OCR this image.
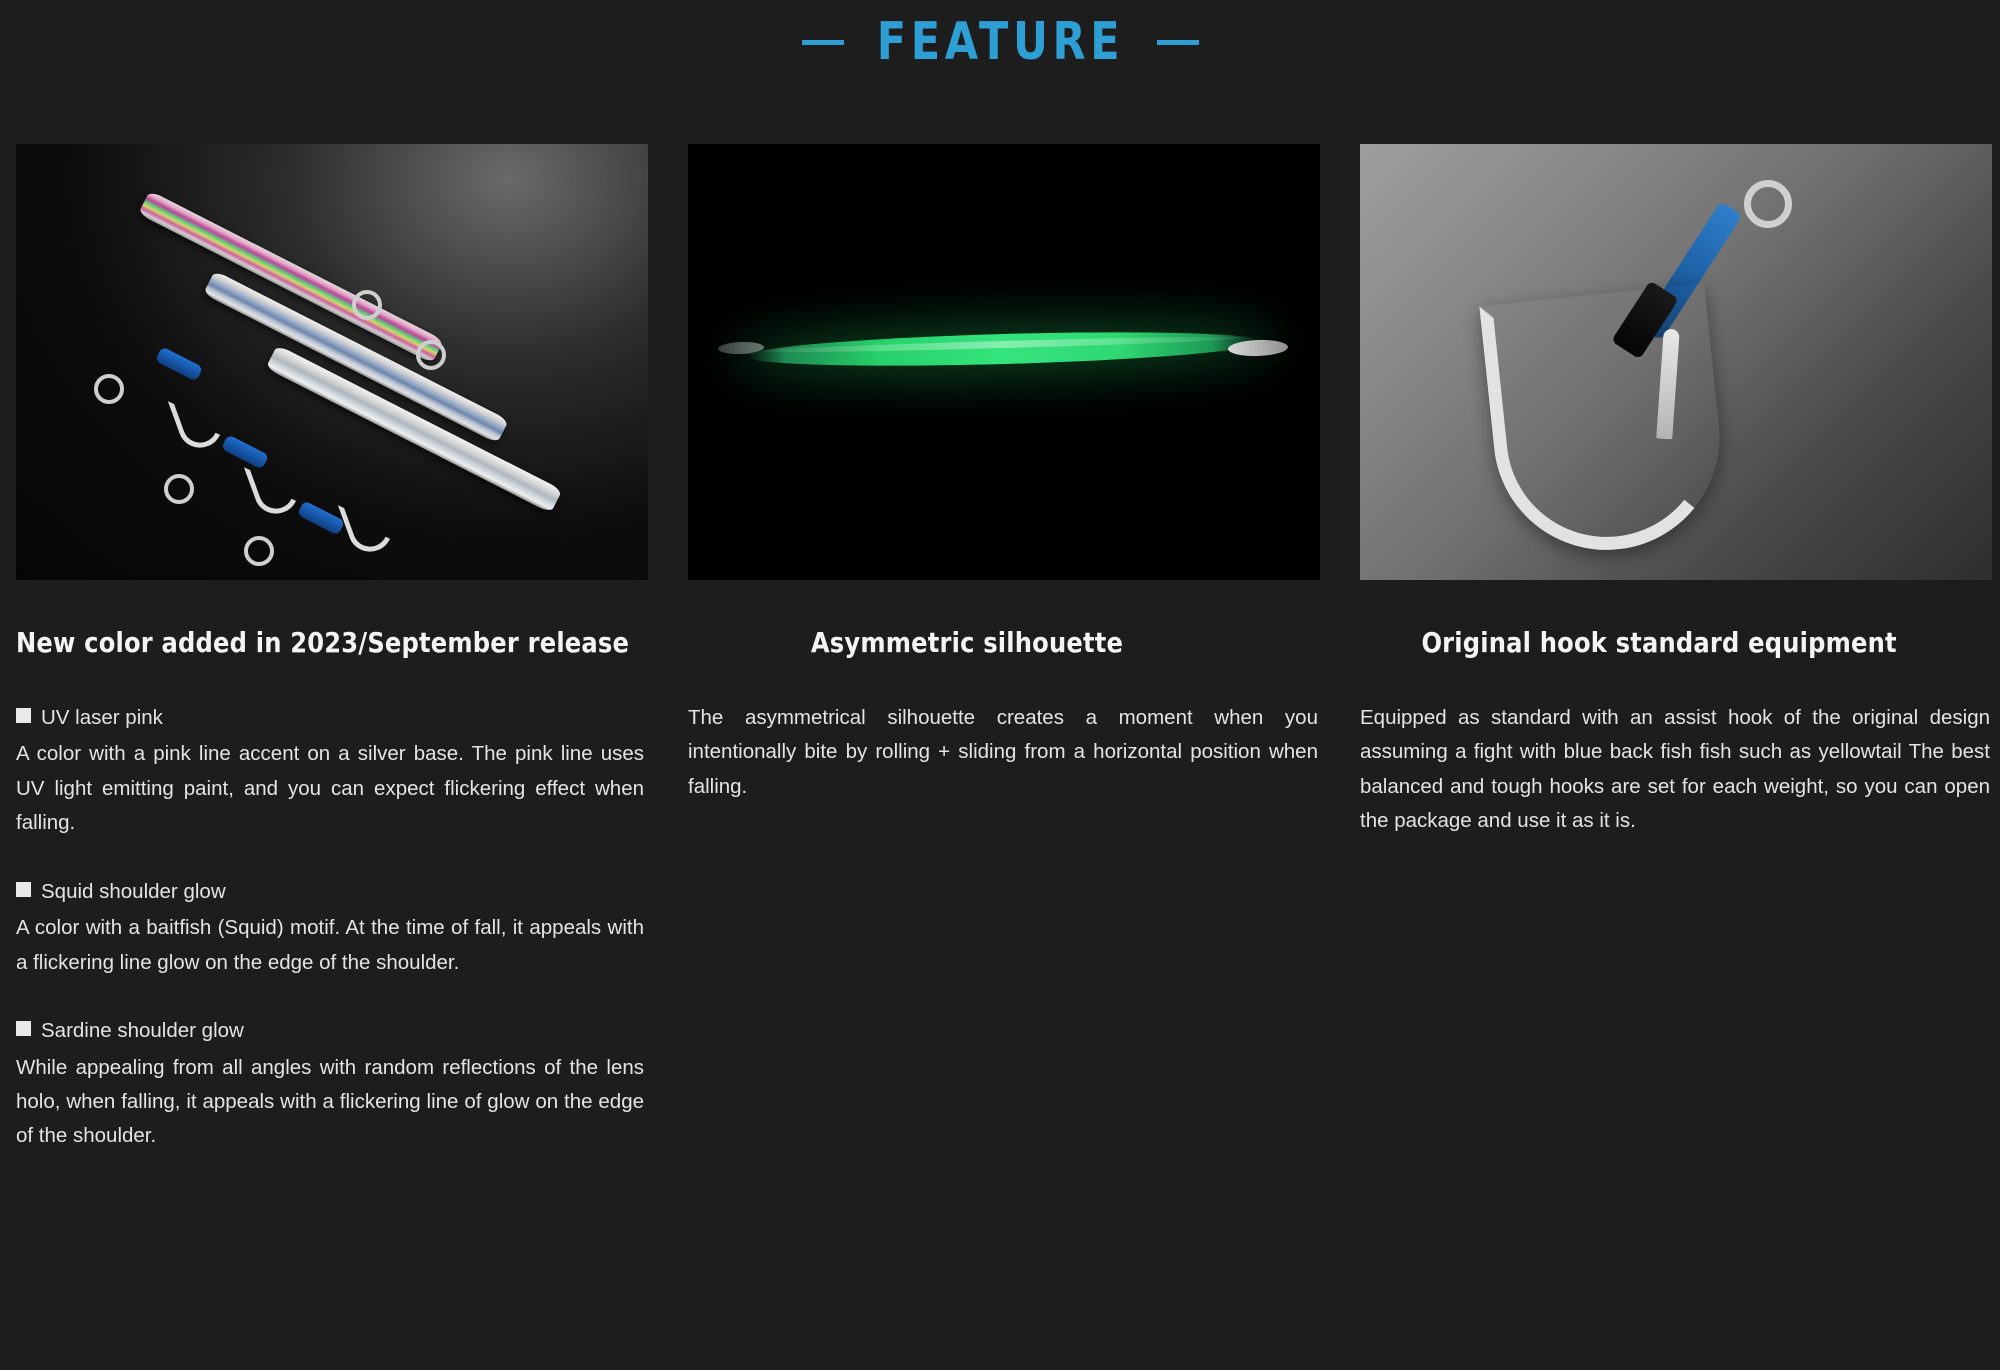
FEATURE
New color added in 2023/September release

UV laser pink
A color with a pink line accent on a silver base. The pink line uses UV light emitting paint, and you can expect flickering effect when falling.

Squid shoulder glow
A color with a baitfish (Squid) motif. At the time of fall, it appeals with a flickering line glow on the edge of the shoulder.

Sardine shoulder glow
While appealing from all angles with random reflections of the lens holo, when falling, it appeals with a flickering line of glow on the edge of the shoulder.

Asymmetric silhouette

The asymmetrical silhouette creates a moment when you intentionally bite by rolling + sliding from a horizontal position when falling.

Original hook standard equipment

Equipped as standard with an assist hook of the original design assuming a fight with blue back fish fish such as yellowtail The best balanced and tough hooks are set for each weight, so you can open the package and use it as it is.
